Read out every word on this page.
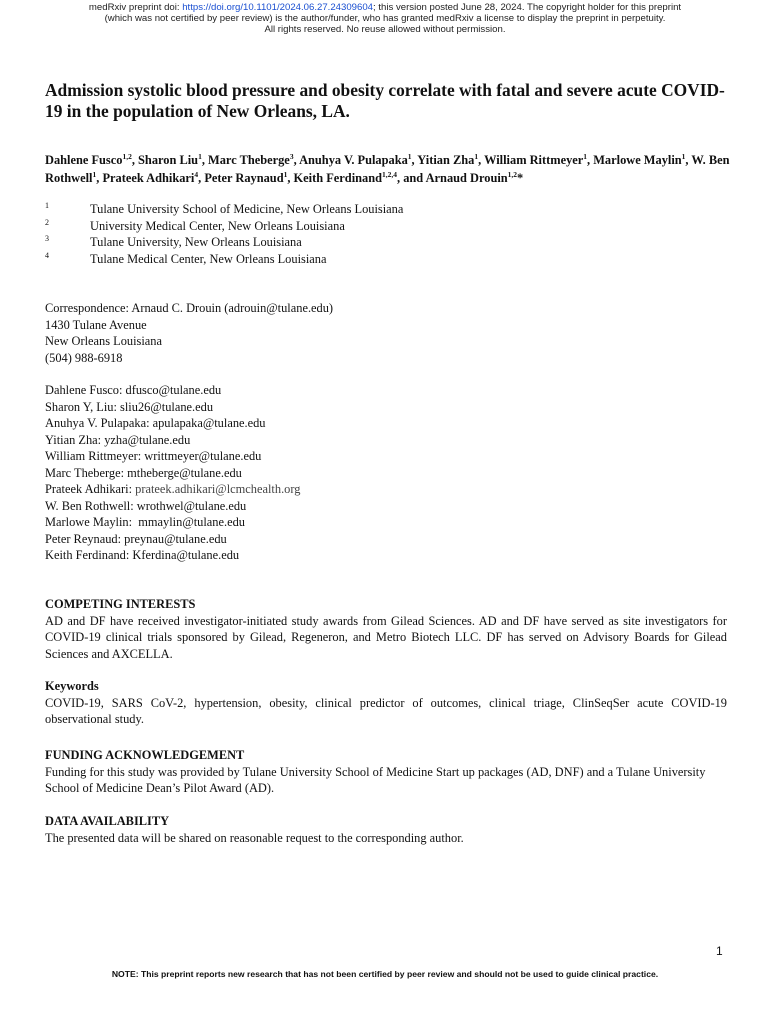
medRxiv preprint doi: https://doi.org/10.1101/2024.06.27.24309604; this version posted June 28, 2024. The copyright holder for this preprint
(which was not certified by peer review) is the author/funder, who has granted medRxiv a license to display the preprint in perpetuity.
All rights reserved. No reuse allowed without permission.
Admission systolic blood pressure and obesity correlate with fatal and severe acute COVID-19 in the population of New Orleans, LA.
Dahlene Fusco$^{1,2}$, Sharon Liu$^1$, Marc Theberge$^3$, Anuhya V. Pulapaka$^1$, Yitian Zha$^1$, William Rittmeyer$^1$, Marlowe Maylin$^1$, W. Ben Rothwell$^1$, Prateek Adhikari$^4$, Peter Raynaud$^1$, Keith Ferdinand$^{1,2,4}$, and Arnaud Drouin$^{1,2}$*
1	Tulane University School of Medicine, New Orleans Louisiana
2	University Medical Center, New Orleans Louisiana
3	Tulane University, New Orleans Louisiana
4	Tulane Medical Center, New Orleans Louisiana
Correspondence: Arnaud C. Drouin (adrouin@tulane.edu)
1430 Tulane Avenue
New Orleans Louisiana
(504) 988-6918
Dahlene Fusco: dfusco@tulane.edu
Sharon Y, Liu: sliu26@tulane.edu
Anuhya V. Pulapaka: apulapaka@tulane.edu
Yitian Zha: yzha@tulane.edu
William Rittmeyer: writtmeyer@tulane.edu
Marc Theberge: mtheberge@tulane.edu
Prateek Adhikari: prateek.adhikari@lcmchealth.org
W. Ben Rothwell: wrothwel@tulane.edu
Marlowe Maylin:  mmaylin@tulane.edu
Peter Reynaud: preynau@tulane.edu
Keith Ferdinand: Kferdina@tulane.edu
COMPETING INTERESTS
AD and DF have received investigator-initiated study awards from Gilead Sciences. AD and DF have served as site investigators for COVID-19 clinical trials sponsored by Gilead, Regeneron, and Metro Biotech LLC. DF has served on Advisory Boards for Gilead Sciences and AXCELLA.
Keywords
COVID-19, SARS CoV-2, hypertension, obesity, clinical predictor of outcomes, clinical triage, ClinSeqSer acute COVID-19 observational study.
FUNDING ACKNOWLEDGEMENT
Funding for this study was provided by Tulane University School of Medicine Start up packages (AD, DNF) and a Tulane University School of Medicine Dean’s Pilot Award (AD).
DATA AVAILABILITY
The presented data will be shared on reasonable request to the corresponding author.
1
NOTE: This preprint reports new research that has not been certified by peer review and should not be used to guide clinical practice.
